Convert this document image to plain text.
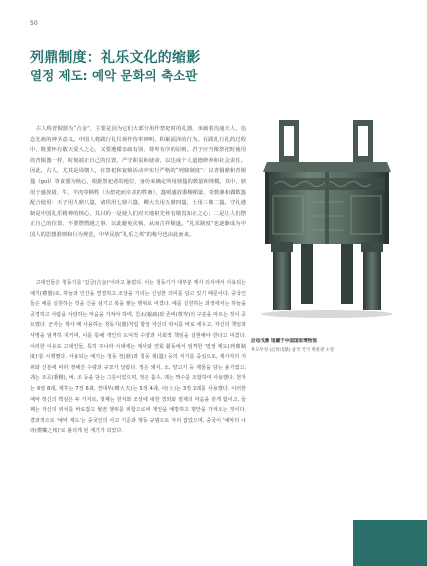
50
列鼎制度：礼乐文化的缩影
열정 제도: 예악 문화의 축소판

古人称青铜器为“吉金”，主要是因为它们大部分用作祭祀时的礼器，承载着沟通天人、追念先祖的神圣意义。中国人将践行礼仪视作侍奉神明、积累福泽的行为。在践礼行礼的过程中，既要怀有敬天爱人之心，又要遵循亲疏有别、尊卑有序的原则。君子应当像祭祀时使用的青铜器一样，时刻端正自己的位置，严守职责和使命，以达成个人道德修养和社会责任。因此，古人，尤其是周朝人，在祭祀和宴飨活动中实行严格的“列鼎制度”：以青铜鼎和青铜簋（guǐ）等食器为核心，根据祭祀者的地位，身份来确定所用鼎簋的数量和规模。其中，鼎用于盛放猪、牛、羊肉等牺牲（为祭祀而宰杀的牲畜），簋则盛放黍稷稻粱、奇数鼎和偶数簋配合使用：天子用九鼎八簋，诸侯用七鼎六簋，卿大夫用五鼎四簋，士用三鼎二簋。守礼遵制是中国礼乐精神的核心，其目的一是使人们对天地祖先怀有敬畏知止之心；二是让人们摆正自己的位置，不要僭僭越之事，以此避免灾祸，从而吉祥顺遂。“礼乐制度”也逐渐成为中国人的思想准则和行为规范，中华民族“礼乐之邦”的称号也由此而来。

고대인들은 청동기를 '길금(吉金)'이라고 불렀다. 이는 청동기가 대부분 제사 의식에서 사용되는 예기(禮器)로, 하늘과 인간을 연결하고 조상을 기리는 신성한 의미를 담고 있기 때문이다. 중국인들은 예를 실천하는 것을 신을 섬기고 복을 쌓는 행위로 여겼다. 예를 실천하는 과정에서는 하늘을 공경하고 사람을 사랑하는 마음을 가져야 하며, 친소(親疏)와 존비(尊卑)의 구분을 따르는 것이 중요했다. 군자는 제사 때 사용하는 청동기(器)처럼 항상 자신의 위치를 바로 세우고, 자신의 책임과 사명을 엄격히 지키며, 이를 통해 개인의 도덕적 수양과 사회적 책임을 실현해야 한다고 여겼다. 이러한 이유로 고대인들, 특히 주나라 시대에는 제사와 연회 활동에서 엄격한 '열정 제도(列鼎制度)'를 시행했다. 사용되는 예기는 청동 정(鼎)과 청동 궤(簋) 등의 식기를 중심으로, 제사자의 지위와 신분에 따라 정해진 수량과 규모가 달랐다. 정은 돼지, 소, 양고기 등 제물을 담는 용기였고, 궤는 조곡(黍稷), 벼, 조 등을 담는 그릇이었으며, 정은 홀수, 궤는 짝수를 조합하여 사용했다. 천자는 9정 8궤, 제후는 7정 6궤, 경대부(卿大夫)는 5정 4궤, 사(士)는 3정 2궤를 사용했다. 이러한 예악 정신의 핵심은 두 가지로, 첫째는 천지와 조상에 대한 경외와 절제의 마음을 갖게 함이고, 둘째는 자신의 위치를 바로잡고 월권 행위를 피함으로써 재앙을 예방하고 평안을 가져오는 것이다. 결과적으로 '예악 제도'는 중국인의 사고 기준과 행동 규범으로 자리 잡았으며, 중국이 '예악의 나라(禮樂之邦)'로 불리게 된 계기가 되었다.

后母戊鼎 馆藏于中国国家博物馆
후모무정 (后母戊鼎) 중국 국가 박물관 소장
